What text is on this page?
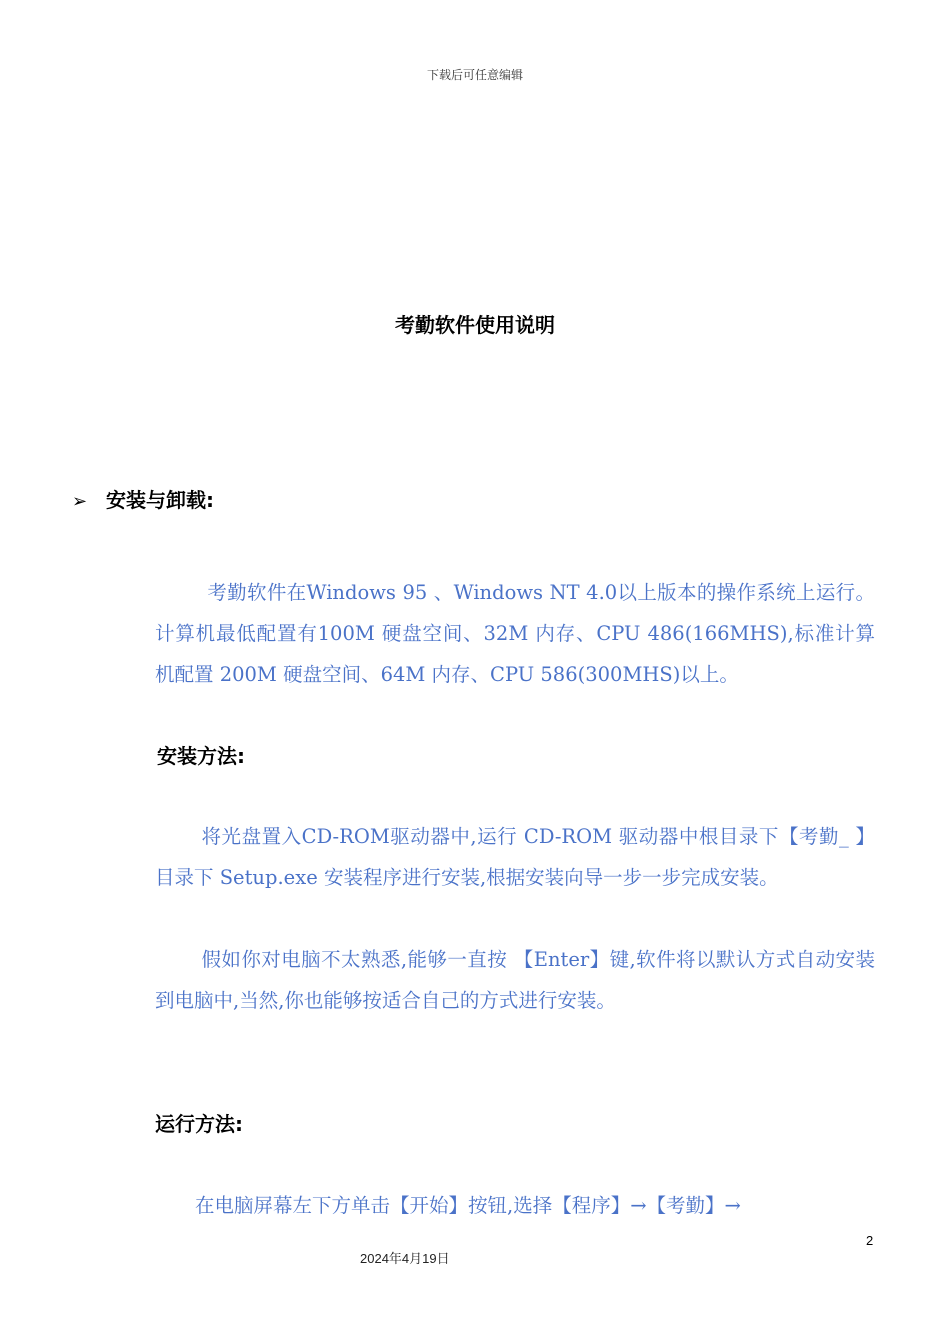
下载后可任意编辑
考勤软件使用说明
➢ 安装与卸载:
考勤软件在Windows 95 、Windows NT 4.0以上版本的操作系统上运行。计算机最低配置有100M 硬盘空间、32M 内存、CPU 486(166MHS),标准计算机配置 200M 硬盘空间、64M 内存、CPU 586(300MHS)以上。
安装方法:
将光盘置入CD-ROM驱动器中,运行 CD-ROM 驱动器中根目录下【考勤_ 】目录下 Setup.exe 安装程序进行安装,根据安装向导一步一步完成安装。
假如你对电脑不太熟悉,能够一直按 【Enter】键,软件将以默认方式自动安装到电脑中,当然,你也能够按适合自己的方式进行安装。
运行方法:
在电脑屏幕左下方单击【开始】按钮,选择【程序】→【考勤】→
2
2024年4月19日
